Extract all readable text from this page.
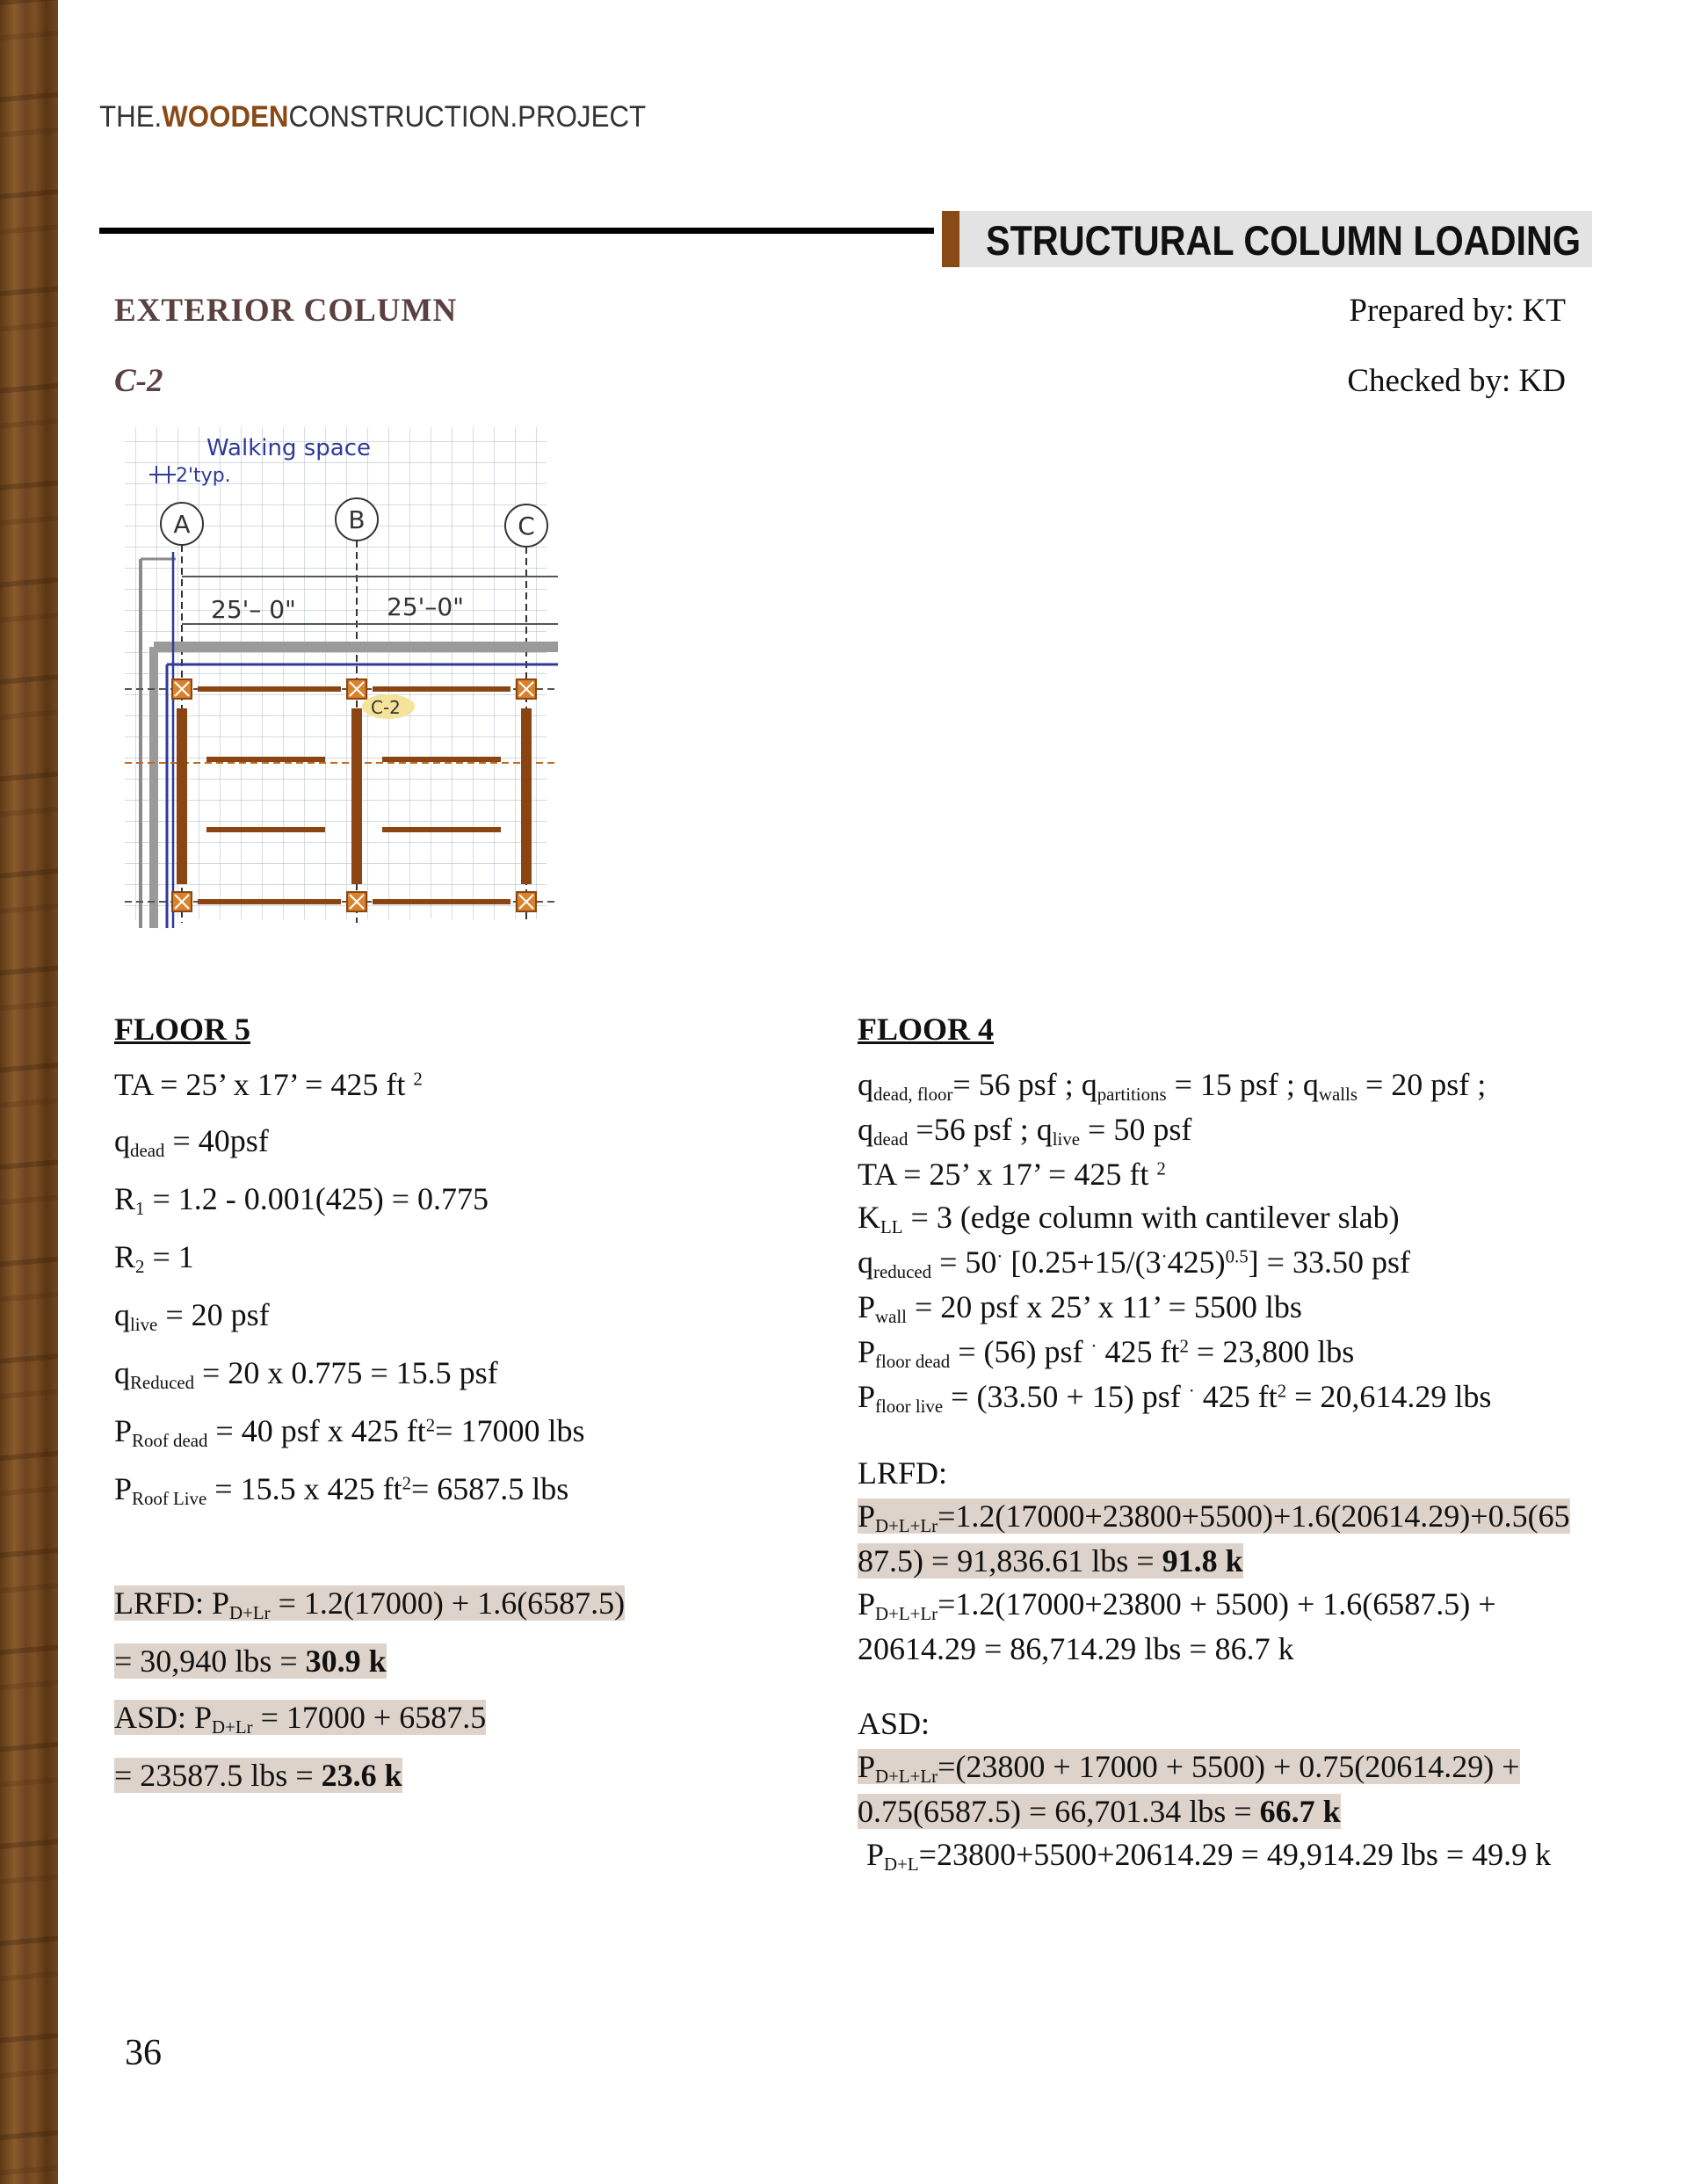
THE.WOODENCONSTRUCTION.PROJECT
STRUCTURAL COLUMN LOADING
EXTERIOR COLUMN
C-2
Prepared by: KT
Checked by: KD
Walking space
2'typ.
A	B	C
25'– 0"	25'–0"
C-2
FLOOR 5
TA = 25’ x 17’ = 425 ft $^2$
$q_{dead} = 40psf$
$R_1 = 1.2 - 0.001(425) = 0.775$
$R_2 = 1$
$q_{live} = 20$ psf
$q_{Reduced} = 20$ x 0.775 = 15.5 psf
$P_{Roof dead} = 40$ psf x 425 $ft^2= 17000$ lbs
$P_{Roof Live} = 15.5$ x 425 $ft^2= 6587.5$ lbs
LRFD: $P_{D+Lr} = 1.2(17000) + 1.6(6587.5)$
= 30,940 lbs = 30.9 k
ASD: $P_{D+Lr} = 17000 + 6587.5$
= 23587.5 lbs = 23.6 k
FLOOR 4
$q_{dead, floor}= 56$ psf ; $q_{partitions} = 15$ psf ; $q_{walls} = 20$ psf ;
$q_{dead} =56$ psf ; $q_{live} = 50$ psf
TA = 25’ x 17’ = 425 ft $^2$
$K_{LL} = 3$ (edge column with cantilever slab)
$q_{reduced} = 50^\cdot$ $[0.25+15/(3^\cdot 425)^{0.5}] = 33.50$ psf
$P_{wall} = 20$ psf x 25’ x 11’ = 5500 lbs
$P_{floor dead} = (56)$ psf · 425 $ft^2 = 23,800$ lbs
$P_{floor live} = (33.50 + 15)$ psf · 425 $ft^2 = 20,614.29$ lbs
LRFD:
$P_{D+L+Lr}=1.2(17000+23800+5500)+1.6(20614.29)+0.5(65$
87.5) = 91,836.61 lbs = 91.8 k
$P_{D+L+Lr}=1.2(17000+23800 + 5500) + 1.6(6587.5)$ +
20614.29 = 86,714.29 lbs = 86.7 k
ASD:
$P_{D+L+Lr}=(23800 + 17000 + 5500) + 0.75(20614.29)$ +
0.75(6587.5) = 66,701.34 lbs = 66.7 k
$P_{D+L}=23800+5500+20614.29 = 49,914.29$ lbs = 49.9 k
36
